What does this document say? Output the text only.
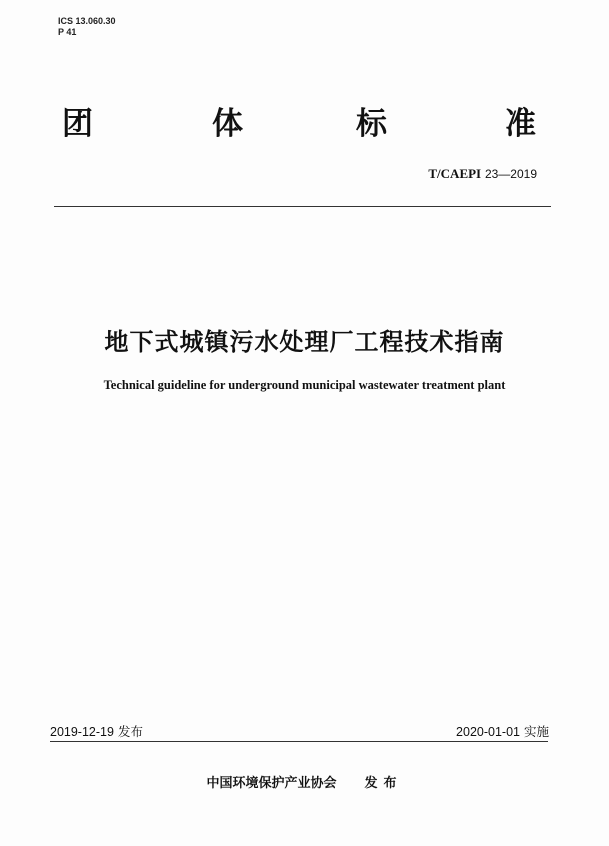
ICS 13.060.30
P 41
团	体	标	准
T/CAEPI 23—2019
地下式城镇污水处理厂工程技术指南
Technical guideline for underground municipal wastewater treatment plant
2019-12-19 发布	2020-01-01 实施
中国环境保护产业协会 发布
